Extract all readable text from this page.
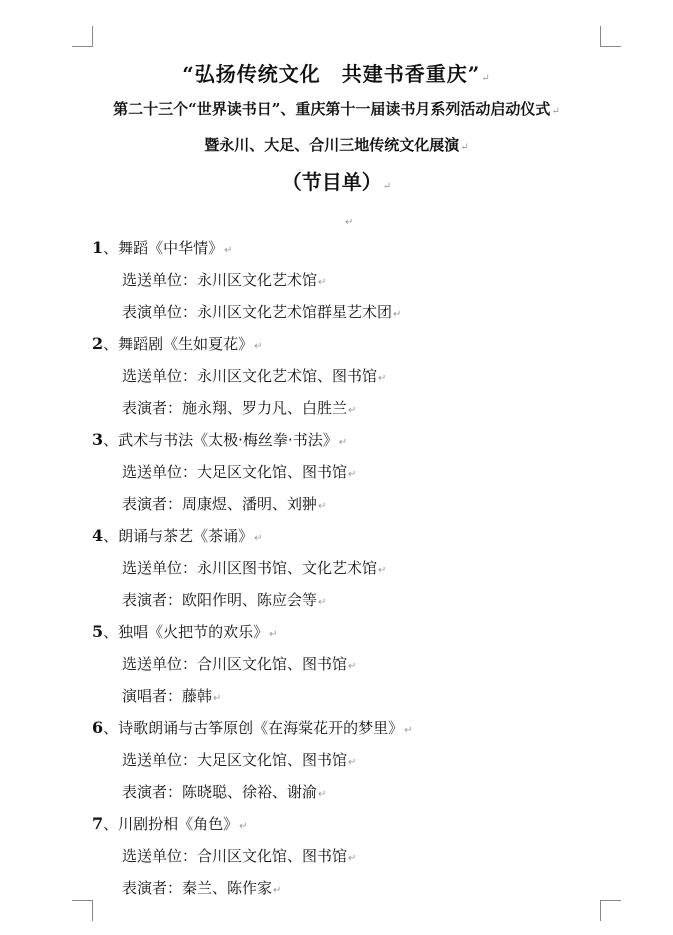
“弘扬传统文化　共建书香重庆”↵
第二十三个“世界读书日”、重庆第十一届读书月系列活动启动仪式↵
暨永川、大足、合川三地传统文化展演↵
（节目单）↵
↵
1、舞蹈《中华情》↵
选送单位：永川区文化艺术馆↵
表演单位：永川区文化艺术馆群星艺术团↵
2、舞蹈剧《生如夏花》↵
选送单位：永川区文化艺术馆、图书馆↵
表演者：施永翔、罗力凡、白胜兰↵
3、武术与书法《太极·梅丝拳·书法》↵
选送单位：大足区文化馆、图书馆↵
表演者：周康煜、潘明、刘翀↵
4、朗诵与茶艺《茶诵》↵
选送单位：永川区图书馆、文化艺术馆↵
表演者：欧阳作明、陈应会等↵
5、独唱《火把节的欢乐》↵
选送单位：合川区文化馆、图书馆↵
演唱者：藤韩↵
6、诗歌朗诵与古筝原创《在海棠花开的梦里》↵
选送单位：大足区文化馆、图书馆↵
表演者：陈晓聪、徐裕、谢渝↵
7、川剧扮相《角色》↵
选送单位：合川区文化馆、图书馆↵
表演者：秦兰、陈作家↵
